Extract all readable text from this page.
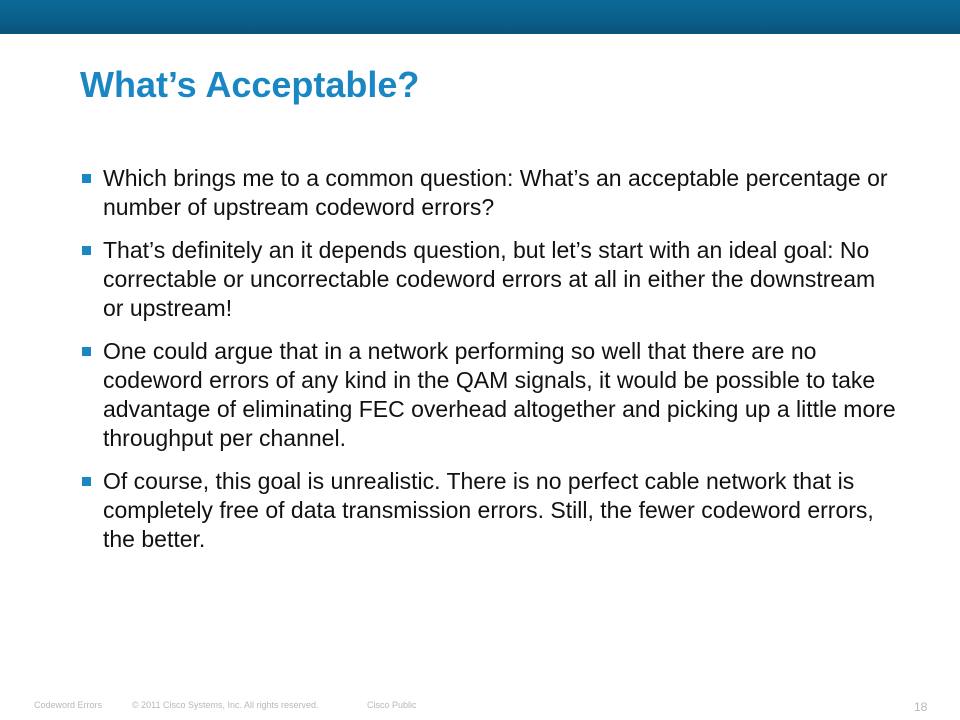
What’s Acceptable?
Which brings me to a common question: What’s an acceptable percentage or number of upstream codeword errors?
That’s definitely an it depends question, but let’s start with an ideal goal: No correctable or uncorrectable codeword errors at all in either the downstream or upstream!
One could argue that in a network performing so well that there are no codeword errors of any kind in the QAM signals, it would be possible to take advantage of eliminating FEC overhead altogether and picking up a little more throughput per channel.
Of course, this goal is unrealistic. There is no perfect cable network that is completely free of data transmission errors. Still, the fewer codeword errors, the better.
Codeword Errors	© 2011 Cisco Systems, Inc. All rights reserved.	Cisco Public	18
